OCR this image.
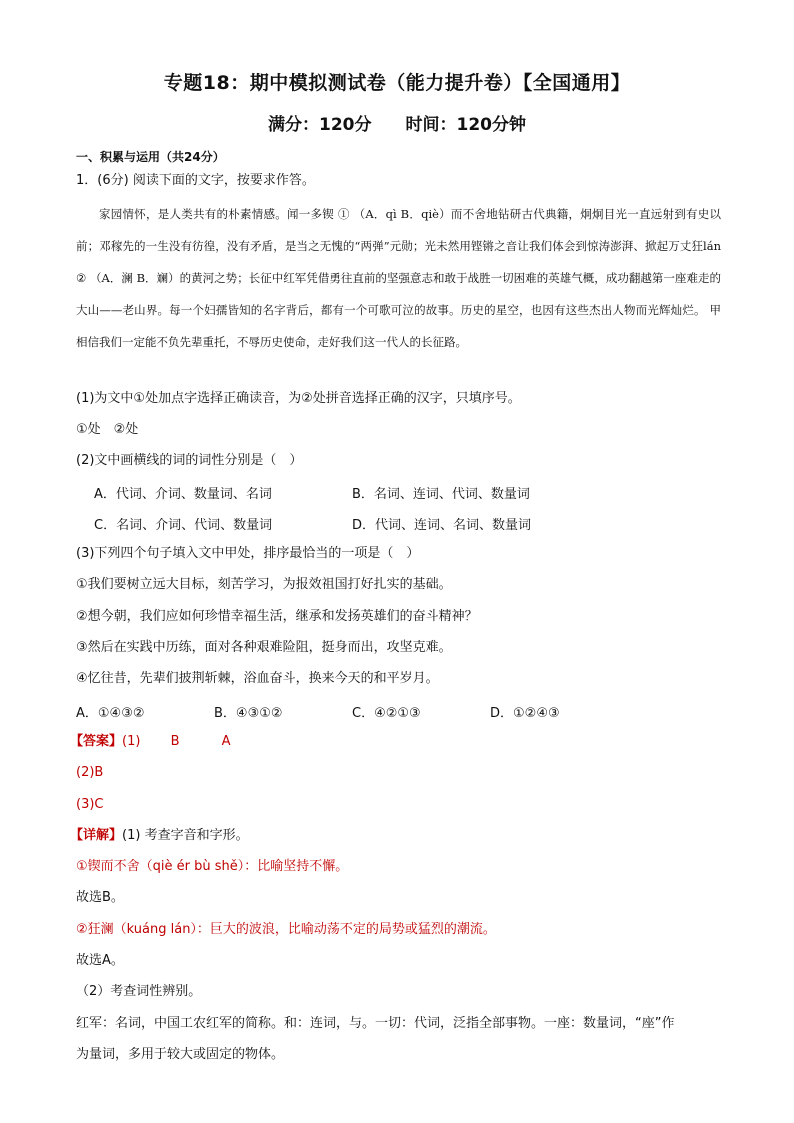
专题18：期中模拟测试卷（能力提升卷）【全国通用】
满分：120分　　时间：120分钟
一、积累与运用（共24分）
1．(6分) 阅读下面的文字，按要求作答。

家园情怀，是人类共有的朴素情感。闻一多锲 ① （A．qì B．qiè）而不舍地钻研古代典籍，炯炯目光一直远射到有史以前；邓稼先的一生没有彷徨，没有矛盾，是当之无愧的“两弹”元勋；光未然用铿锵之音让我们体会到惊涛澎湃、掀起万丈狂lán ② （A．澜 B．斓）的黄河之势；长征中红军凭借勇往直前的坚强意志和敢于战胜一切困难的英雄气概，成功翻越第一座难走的大山——老山界。每一个妇孺皆知的名字背后，都有一个可歌可泣的故事。历史的星空，也因有这些杰出人物而光辉灿烂。 甲 相信我们一定能不负先辈重托，不辱历史使命，走好我们这一代人的长征路。

(1)为文中①处加点字选择正确读音，为②处拼音选择正确的汉字，只填序号。
①处　②处
(2)文中画横线的词的词性分别是（　）
A．代词、介词、数量词、名词	B．名词、连词、代词、数量词
C．名词、介词、代词、数量词	D．代词、连词、名词、数量词
(3)下列四个句子填入文中甲处，排序最恰当的一项是（　）
①我们要树立远大目标，刻苦学习，为报效祖国打好扎实的基础。
②想今朝，我们应如何珍惜幸福生活，继承和发扬英雄们的奋斗精神？
③然后在实践中历练，面对各种艰难险阻，挺身而出，攻坚克难。
④忆往昔，先辈们披荆斩棘，浴血奋斗，换来今天的和平岁月。
A．①④③②	B．④③①②	C．④②①③	D．①②④③
【答案】(1) B	A
(2)B
(3)C
【详解】(1) 考查字音和字形。
①锲而不舍（qiè ér bù shě）：比喻坚持不懈。
故选B。
②狂澜（kuáng lán）：巨大的波浪，比喻动荡不定的局势或猛烈的潮流。
故选A。
（2）考查词性辨别。
红军：名词，中国工农红军的简称。和：连词，与。一切：代词，泛指全部事物。一座：数量词，“座”作
为量词，多用于较大或固定的物体。
